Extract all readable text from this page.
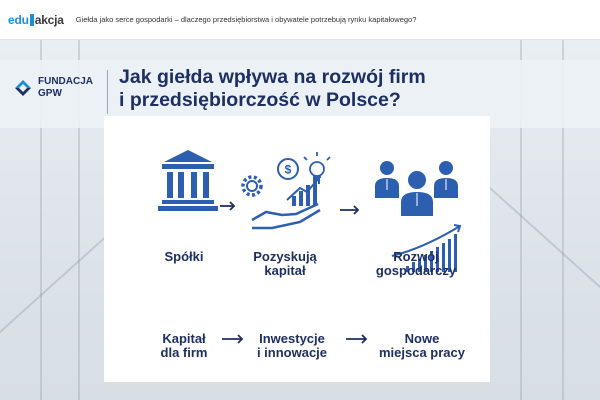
edu akcja Giełda jako serce gospodarki – dlaczego przedsiębiorstwa i obywatele potrzebują rynku kapitałowego?
FUNDACJA
GPW
Jak giełda wpływa na rozwój firm
i przedsiębiorczość w Polsce?
$
Spółki	Pozyskują
kapitał
Rozwój
gospodarczy
Kapitał
dla firm
Inwestycje
i innowacje
Nowe
miejsca pracy
